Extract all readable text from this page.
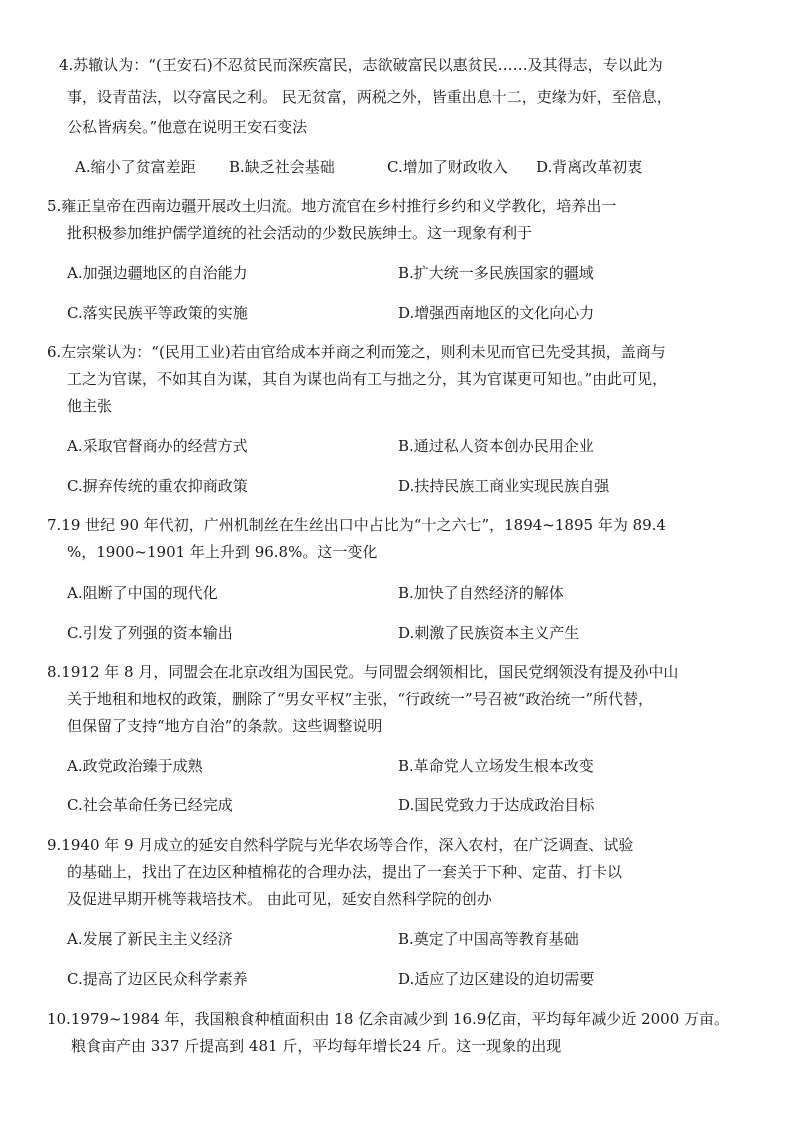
4.苏辙认为：“(王安石)不忍贫民而深疾富民，志欲破富民以惠贫民……及其得志，专以此为
事，设青苗法，以夺富民之利。 民无贫富，两税之外，皆重出息十二，吏缘为奸，至倍息，
公私皆病矣。”他意在说明王安石变法
A.缩小了贫富差距 B.缺乏社会基础	C.增加了财政收入 D.背离改革初衷
5.雍正皇帝在西南边疆开展改土归流。地方流官在乡村推行乡约和义学教化，培养出一
批积极参加维护儒学道统的社会活动的少数民族绅士。这一现象有利于
A.加强边疆地区的自治能力	B.扩大统一多民族国家的疆域
C.落实民族平等政策的实施	D.增强西南地区的文化向心力
6.左宗棠认为：“(民用工业)若由官给成本并商之利而笼之，则利未见而官已先受其损，盖商与
工之为官谋，不如其自为谋，其自为谋也尚有工与拙之分，其为官谋更可知也。”由此可见，
他主张
A.采取官督商办的经营方式	B.通过私人资本创办民用企业
C.摒弃传统的重农抑商政策	D.扶持民族工商业实现民族自强
7.19 世纪 90 年代初，广州机制丝在生丝出口中占比为“十之六七”，1894~1895 年为 89.4
%，1900~1901 年上升到 96.8%。这一变化
A.阻断了中国的现代化	B.加快了自然经济的解体
C.引发了列强的资本输出	D.刺激了民族资本主义产生
8.1912 年 8 月，同盟会在北京改组为国民党。与同盟会纲领相比，国民党纲领没有提及孙中山
关于地租和地权的政策，删除了“男女平权”主张，“行政统一”号召被“政治统一”所代替，
但保留了支持“地方自治”的条款。这些调整说明
A.政党政治臻于成熟	B.革命党人立场发生根本改变
C.社会革命任务已经完成	D.国民党致力于达成政治目标
9.1940 年 9 月成立的延安自然科学院与光华农场等合作，深入农村，在广泛调查、试验
的基础上，找出了在边区种植棉花的合理办法，提出了一套关于下种、定苗、打卡以
及促进早期开桃等栽培技术。 由此可见，延安自然科学院的创办
A.发展了新民主主义经济	B.奠定了中国高等教育基础
C.提高了边区民众科学素养	D.适应了边区建设的迫切需要
10.1979~1984 年，我国粮食种植面积由 18 亿余亩减少到 16.9亿亩，平均每年减少近 2000 万亩。
粮食亩产由 337 斤提高到 481 斤，平均每年增长24 斤。这一现象的出现
